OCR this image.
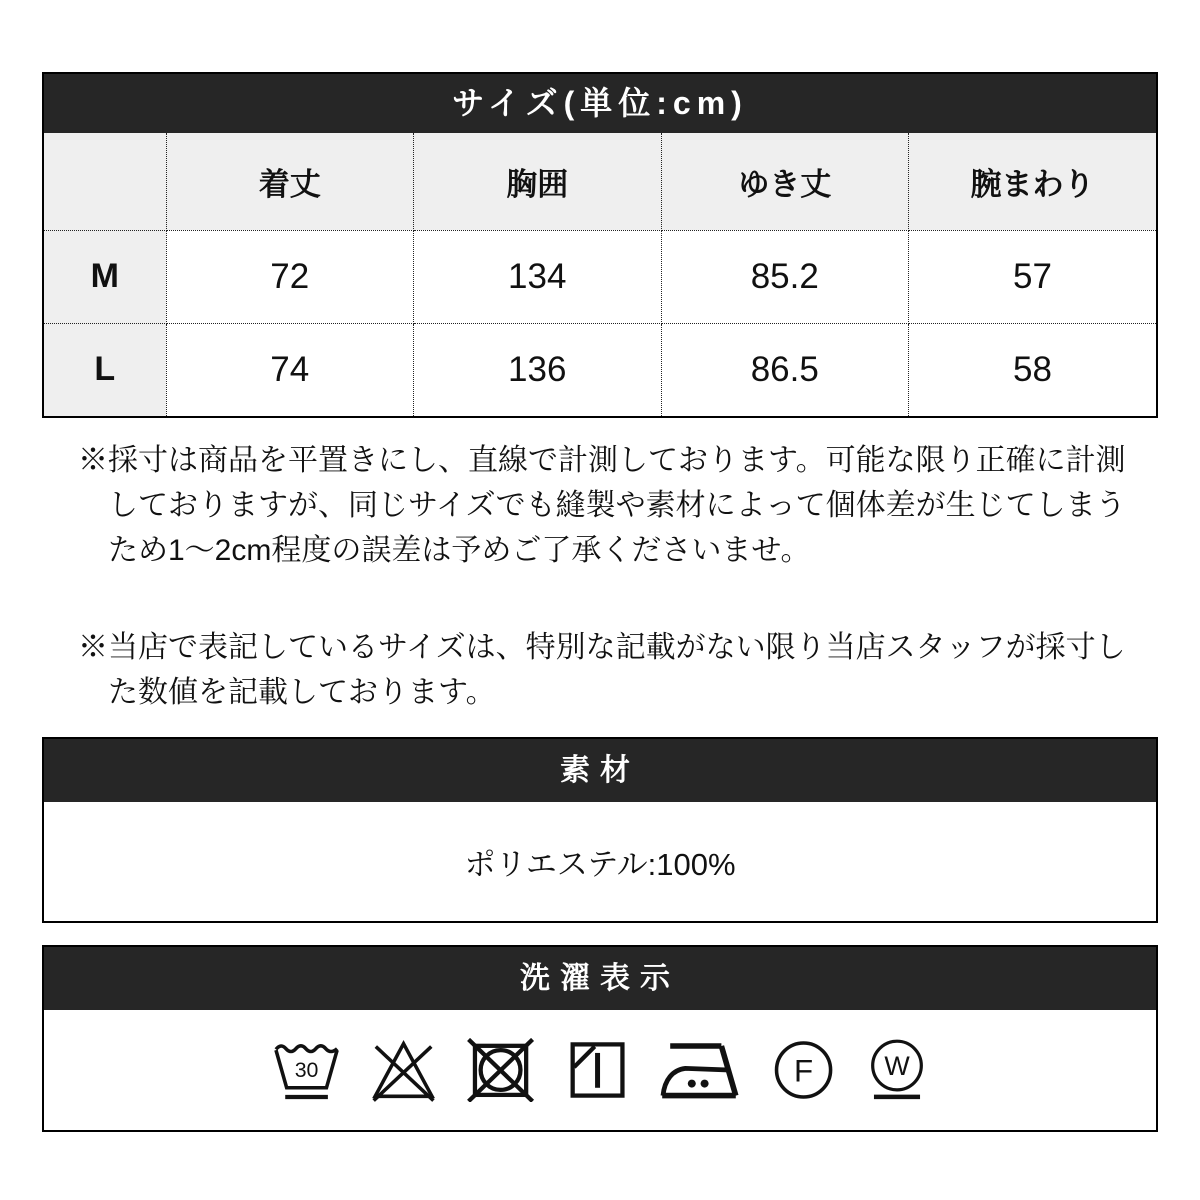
サイズ(単位:cm)
	着丈	胸囲	ゆき丈	腕まわり
M	72	134	85.2	57
L	74	136	86.5	58

※採寸は商品を平置きにし、直線で計測しております。可能な限り正確に計測しておりますが、同じサイズでも縫製や素材によって個体差が生じてしまうため1〜2cm程度の誤差は予めご了承くださいませ。

※当店で表記しているサイズは、特別な記載がない限り当店スタッフが採寸した数値を記載しております。

素材
ポリエステル:100%
洗濯表示
30	F W
